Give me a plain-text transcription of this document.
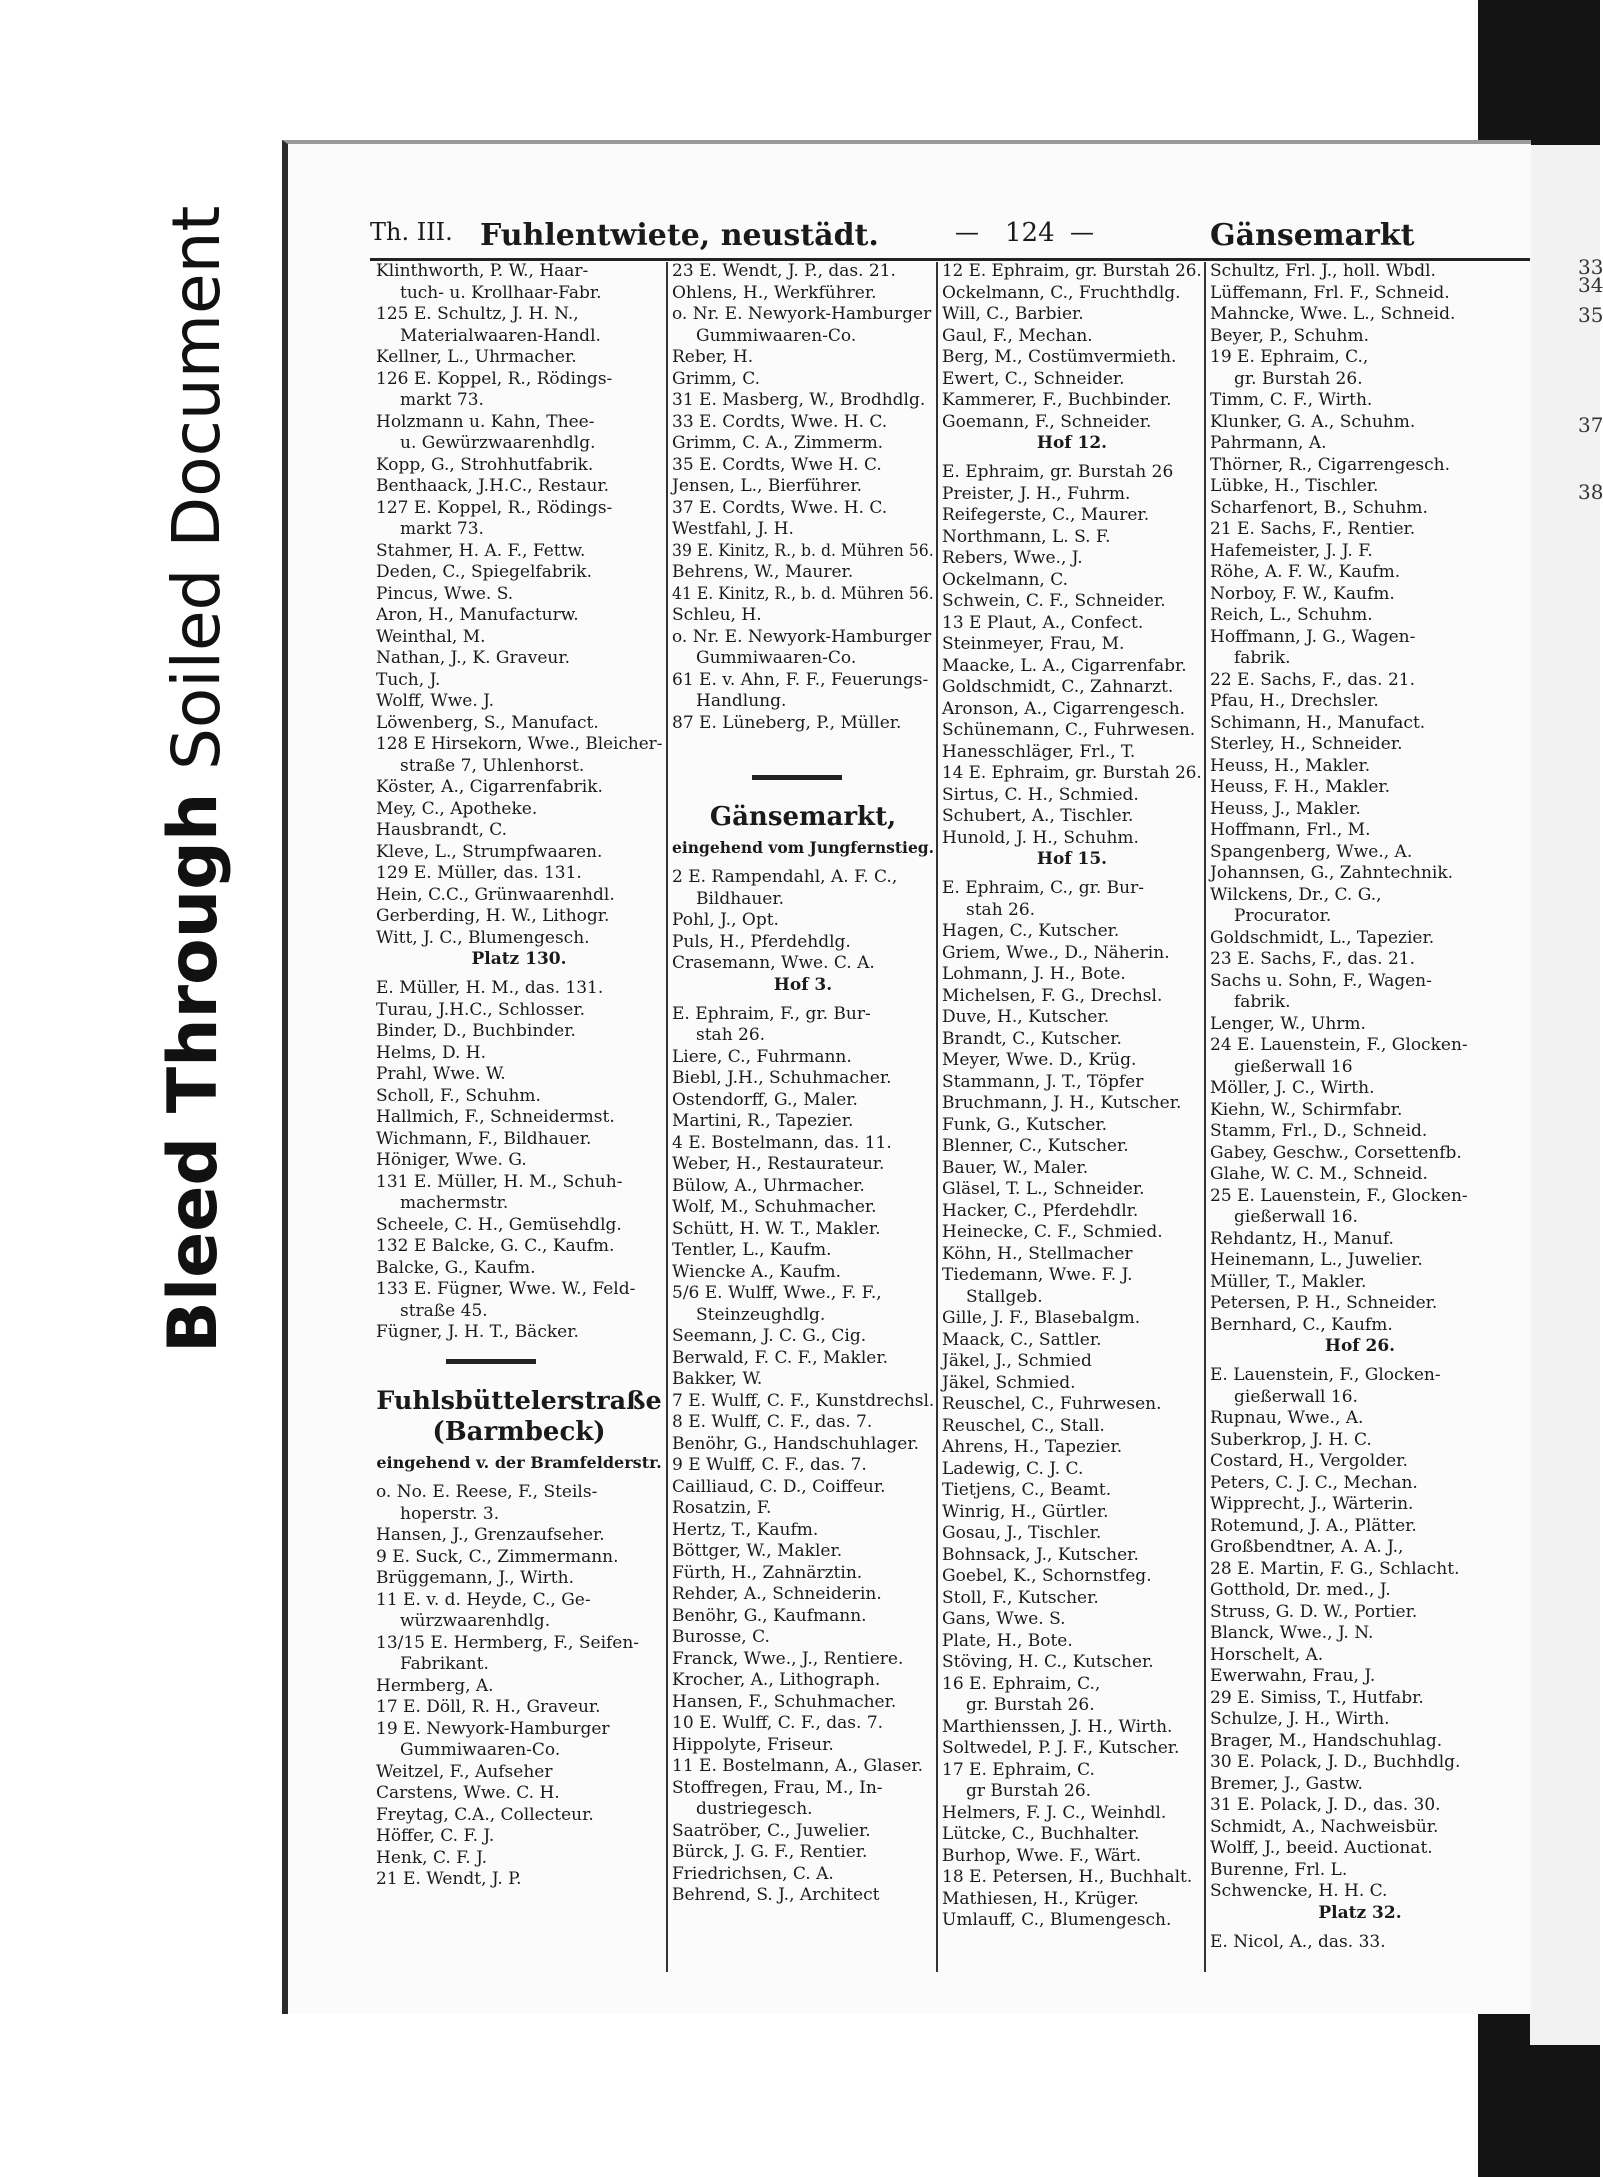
Soiled Document
Bleed Through
33
34
35
37
38
Th. III. Fuhlentwiete, neustädt.	— 124 —	Gänsemarkt
Klinthworth, P. W., Haar-
tuch- u. Krollhaar-Fabr.
125 E. Schultz, J. H. N.,
Materialwaaren-Handl.
Kellner, L., Uhrmacher.
126 E. Koppel, R., Rödings-
markt 73.
Holzmann u. Kahn, Thee-
u. Gewürzwaarenhdlg.
Kopp, G., Strohhutfabrik.
Benthaack, J.H.C., Restaur.
127 E. Koppel, R., Rödings-
markt 73.
Stahmer, H. A. F., Fettw.
Deden, C., Spiegelfabrik.
Pincus, Wwe. S.
Aron, H., Manufacturw.
Weinthal, M.
Nathan, J., K. Graveur.
Tuch, J.
Wolff, Wwe. J.
Löwenberg, S., Manufact.
128 E Hirsekorn, Wwe., Bleicher-
straße 7, Uhlenhorst.
Köster, A., Cigarrenfabrik.
Mey, C., Apotheke.
Hausbrandt, C.
Kleve, L., Strumpfwaaren.
129 E. Müller, das. 131.
Hein, C.C., Grünwaarenhdl.
Gerberding, H. W., Lithogr.
Witt, J. C., Blumengesch.
Platz 130.
E. Müller, H. M., das. 131.
Turau, J.H.C., Schlosser.
Binder, D., Buchbinder.
Helms, D. H.
Prahl, Wwe. W.
Scholl, F., Schuhm.
Hallmich, F., Schneidermst.
Wichmann, F., Bildhauer.
Höniger, Wwe. G.
131 E. Müller, H. M., Schuh-
machermstr.
Scheele, C. H., Gemüsehdlg.
132 E Balcke, G. C., Kaufm.
Balcke, G., Kaufm.
133 E. Fügner, Wwe. W., Feld-
straße 45.
Fügner, J. H. T., Bäcker.
Fuhlsbüttelerstraße
(Barmbeck)
eingehend v. der Bramfelderstr.
o. No. E. Reese, F., Steils-
hoperstr. 3.
Hansen, J., Grenzaufseher.
9 E. Suck, C., Zimmermann.
Brüggemann, J., Wirth.
11 E. v. d. Heyde, C., Ge-
würzwaarenhdlg.
13/15 E. Hermberg, F., Seifen-
Fabrikant.
Hermberg, A.
17 E. Döll, R. H., Graveur.
19 E. Newyork-Hamburger
Gummiwaaren-Co.
Weitzel, F., Aufseher
Carstens, Wwe. C. H.
Freytag, C.A., Collecteur.
Höffer, C. F. J.
Henk, C. F. J.
21 E. Wendt, J. P.
23 E. Wendt, J. P., das. 21.
Ohlens, H., Werkführer.
o. Nr. E. Newyork-Hamburger
Gummiwaaren-Co.
Reber, H.
Grimm, C.
31 E. Masberg, W., Brodhdlg.
33 E. Cordts, Wwe. H. C.
Grimm, C. A., Zimmerm.
35 E. Cordts, Wwe H. C.
Jensen, L., Bierführer.
37 E. Cordts, Wwe. H. C.
Westfahl, J. H.
39 E. Kinitz, R., b. d. Mühren 56.
Behrens, W., Maurer.
41 E. Kinitz, R., b. d. Mühren 56.
Schleu, H.
o. Nr. E. Newyork-Hamburger
Gummiwaaren-Co.
61 E. v. Ahn, F. F., Feuerungs-
Handlung.
87 E. Lüneberg, P., Müller.
Gänsemarkt,
eingehend vom Jungfernstieg.
2 E. Rampendahl, A. F. C.,
Bildhauer.
Pohl, J., Opt.
Puls, H., Pferdehdlg.
Crasemann, Wwe. C. A.
Hof 3.
E. Ephraim, F., gr. Bur-
stah 26.
Liere, C., Fuhrmann.
Biebl, J.H., Schuhmacher.
Ostendorff, G., Maler.
Martini, R., Tapezier.
4 E. Bostelmann, das. 11.
Weber, H., Restaurateur.
Bülow, A., Uhrmacher.
Wolf, M., Schuhmacher.
Schütt, H. W. T., Makler.
Tentler, L., Kaufm.
Wiencke A., Kaufm.
5/6 E. Wulff, Wwe., F. F.,
Steinzeughdlg.
Seemann, J. C. G., Cig.
Berwald, F. C. F., Makler.
Bakker, W.
7 E. Wulff, C. F., Kunstdrechsl.
8 E. Wulff, C. F., das. 7.
Benöhr, G., Handschuhlager.
9 E Wulff, C. F., das. 7.
Cailliaud, C. D., Coiffeur.
Rosatzin, F.
Hertz, T., Kaufm.
Böttger, W., Makler.
Fürth, H., Zahnärztin.
Rehder, A., Schneiderin.
Benöhr, G., Kaufmann.
Burosse, C.
Franck, Wwe., J., Rentiere.
Krocher, A., Lithograph.
Hansen, F., Schuhmacher.
10 E. Wulff, C. F., das. 7.
Hippolyte, Friseur.
11 E. Bostelmann, A., Glaser.
Stoffregen, Frau, M., In-
dustriegesch.
Saatröber, C., Juwelier.
Bürck, J. G. F., Rentier.
Friedrichsen, C. A.
Behrend, S. J., Architect
12 E. Ephraim, gr. Burstah 26.
Ockelmann, C., Fruchthdlg.
Will, C., Barbier.
Gaul, F., Mechan.
Berg, M., Costümvermieth.
Ewert, C., Schneider.
Kammerer, F., Buchbinder.
Goemann, F., Schneider.
Hof 12.
E. Ephraim, gr. Burstah 26
Preister, J. H., Fuhrm.
Reifegerste, C., Maurer.
Northmann, L. S. F.
Rebers, Wwe., J.
Ockelmann, C.
Schwein, C. F., Schneider.
13 E Plaut, A., Confect.
Steinmeyer, Frau, M.
Maacke, L. A., Cigarrenfabr.
Goldschmidt, C., Zahnarzt.
Aronson, A., Cigarrengesch.
Schünemann, C., Fuhrwesen.
Hanesschläger, Frl., T.
14 E. Ephraim, gr. Burstah 26.
Sirtus, C. H., Schmied.
Schubert, A., Tischler.
Hunold, J. H., Schuhm.
Hof 15.
E. Ephraim, C., gr. Bur-
stah 26.
Hagen, C., Kutscher.
Griem, Wwe., D., Näherin.
Lohmann, J. H., Bote.
Michelsen, F. G., Drechsl.
Duve, H., Kutscher.
Brandt, C., Kutscher.
Meyer, Wwe. D., Krüg.
Stammann, J. T., Töpfer
Bruchmann, J. H., Kutscher.
Funk, G., Kutscher.
Blenner, C., Kutscher.
Bauer, W., Maler.
Gläsel, T. L., Schneider.
Hacker, C., Pferdehdlr.
Heinecke, C. F., Schmied.
Köhn, H., Stellmacher
Tiedemann, Wwe. F. J.
Stallgeb.
Gille, J. F., Blasebalgm.
Maack, C., Sattler.
Jäkel, J., Schmied
Jäkel, Schmied.
Reuschel, C., Fuhrwesen.
Reuschel, C., Stall.
Ahrens, H., Tapezier.
Ladewig, C. J. C.
Tietjens, C., Beamt.
Winrig, H., Gürtler.
Gosau, J., Tischler.
Bohnsack, J., Kutscher.
Goebel, K., Schornstfeg.
Stoll, F., Kutscher.
Gans, Wwe. S.
Plate, H., Bote.
Stöving, H. C., Kutscher.
16 E. Ephraim, C.,
gr. Burstah 26.
Marthienssen, J. H., Wirth.
Soltwedel, P. J. F., Kutscher.
17 E. Ephraim, C.
gr Burstah 26.
Helmers, F. J. C., Weinhdl.
Lütcke, C., Buchhalter.
Burhop, Wwe. F., Wärt.
18 E. Petersen, H., Buchhalt.
Mathiesen, H., Krüger.
Umlauff, C., Blumengesch.
Schultz, Frl. J., holl. Wbdl.
Lüffemann, Frl. F., Schneid.
Mahncke, Wwe. L., Schneid.
Beyer, P., Schuhm.
19 E. Ephraim, C.,
gr. Burstah 26.
Timm, C. F., Wirth.
Klunker, G. A., Schuhm.
Pahrmann, A.
Thörner, R., Cigarrengesch.
Lübke, H., Tischler.
Scharfenort, B., Schuhm.
21 E. Sachs, F., Rentier.
Hafemeister, J. J. F.
Röhe, A. F. W., Kaufm.
Norboy, F. W., Kaufm.
Reich, L., Schuhm.
Hoffmann, J. G., Wagen-
fabrik.
22 E. Sachs, F., das. 21.
Pfau, H., Drechsler.
Schimann, H., Manufact.
Sterley, H., Schneider.
Heuss, H., Makler.
Heuss, F. H., Makler.
Heuss, J., Makler.
Hoffmann, Frl., M.
Spangenberg, Wwe., A.
Johannsen, G., Zahntechnik.
Wilckens, Dr., C. G.,
Procurator.
Goldschmidt, L., Tapezier.
23 E. Sachs, F., das. 21.
Sachs u. Sohn, F., Wagen-
fabrik.
Lenger, W., Uhrm.
24 E. Lauenstein, F., Glocken-
gießerwall 16
Möller, J. C., Wirth.
Kiehn, W., Schirmfabr.
Stamm, Frl., D., Schneid.
Gabey, Geschw., Corsettenfb.
Glahe, W. C. M., Schneid.
25 E. Lauenstein, F., Glocken-
gießerwall 16.
Rehdantz, H., Manuf.
Heinemann, L., Juwelier.
Müller, T., Makler.
Petersen, P. H., Schneider.
Bernhard, C., Kaufm.
Hof 26.
E. Lauenstein, F., Glocken-
gießerwall 16.
Rupnau, Wwe., A.
Suberkrop, J. H. C.
Costard, H., Vergolder.
Peters, C. J. C., Mechan.
Wipprecht, J., Wärterin.
Rotemund, J. A., Plätter.
Großbendtner, A. A. J.,
28 E. Martin, F. G., Schlacht.
Gotthold, Dr. med., J.
Struss, G. D. W., Portier.
Blanck, Wwe., J. N.
Horschelt, A.
Ewerwahn, Frau, J.
29 E. Simiss, T., Hutfabr.
Schulze, J. H., Wirth.
Brager, M., Handschuhlag.
30 E. Polack, J. D., Buchhdlg.
Bremer, J., Gastw.
31 E. Polack, J. D., das. 30.
Schmidt, A., Nachweisbür.
Wolff, J., beeid. Auctionat.
Burenne, Frl. L.
Schwencke, H. H. C.
Platz 32.
E. Nicol, A., das. 33.
